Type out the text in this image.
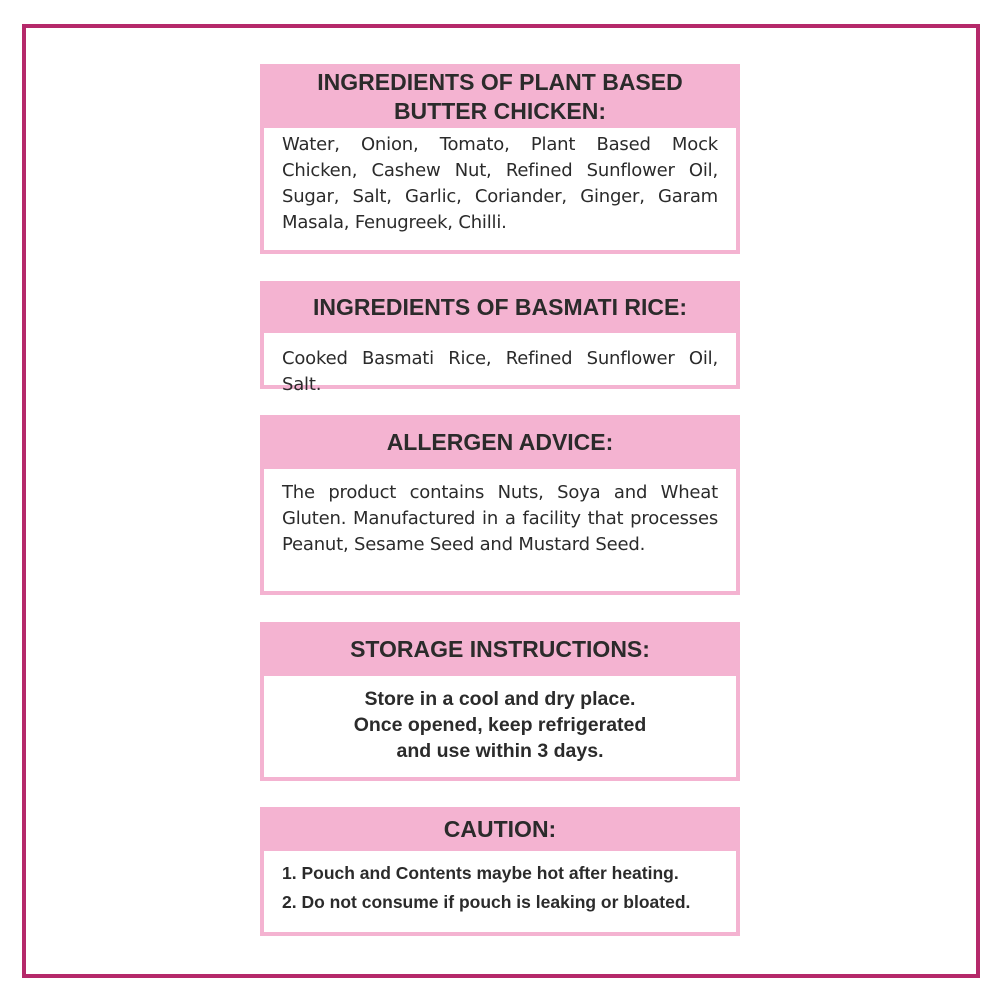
INGREDIENTS OF PLANT BASED
BUTTER CHICKEN:
Water, Onion, Tomato, Plant Based Mock Chicken, Cashew Nut, Refined Sunflower Oil, Sugar, Salt, Garlic, Coriander, Ginger, Garam Masala, Fenugreek, Chilli.
INGREDIENTS OF BASMATI RICE:
Cooked Basmati Rice, Refined Sunflower Oil, Salt.
ALLERGEN ADVICE:
The product contains Nuts, Soya and Wheat Gluten. Manufactured in a facility that processes Peanut, Sesame Seed and Mustard Seed.
STORAGE INSTRUCTIONS:
Store in a cool and dry place.
Once opened, keep refrigerated
and use within 3 days.
CAUTION:
1. Pouch and Contents maybe hot after heating.
2. Do not consume if pouch is leaking or bloated.
